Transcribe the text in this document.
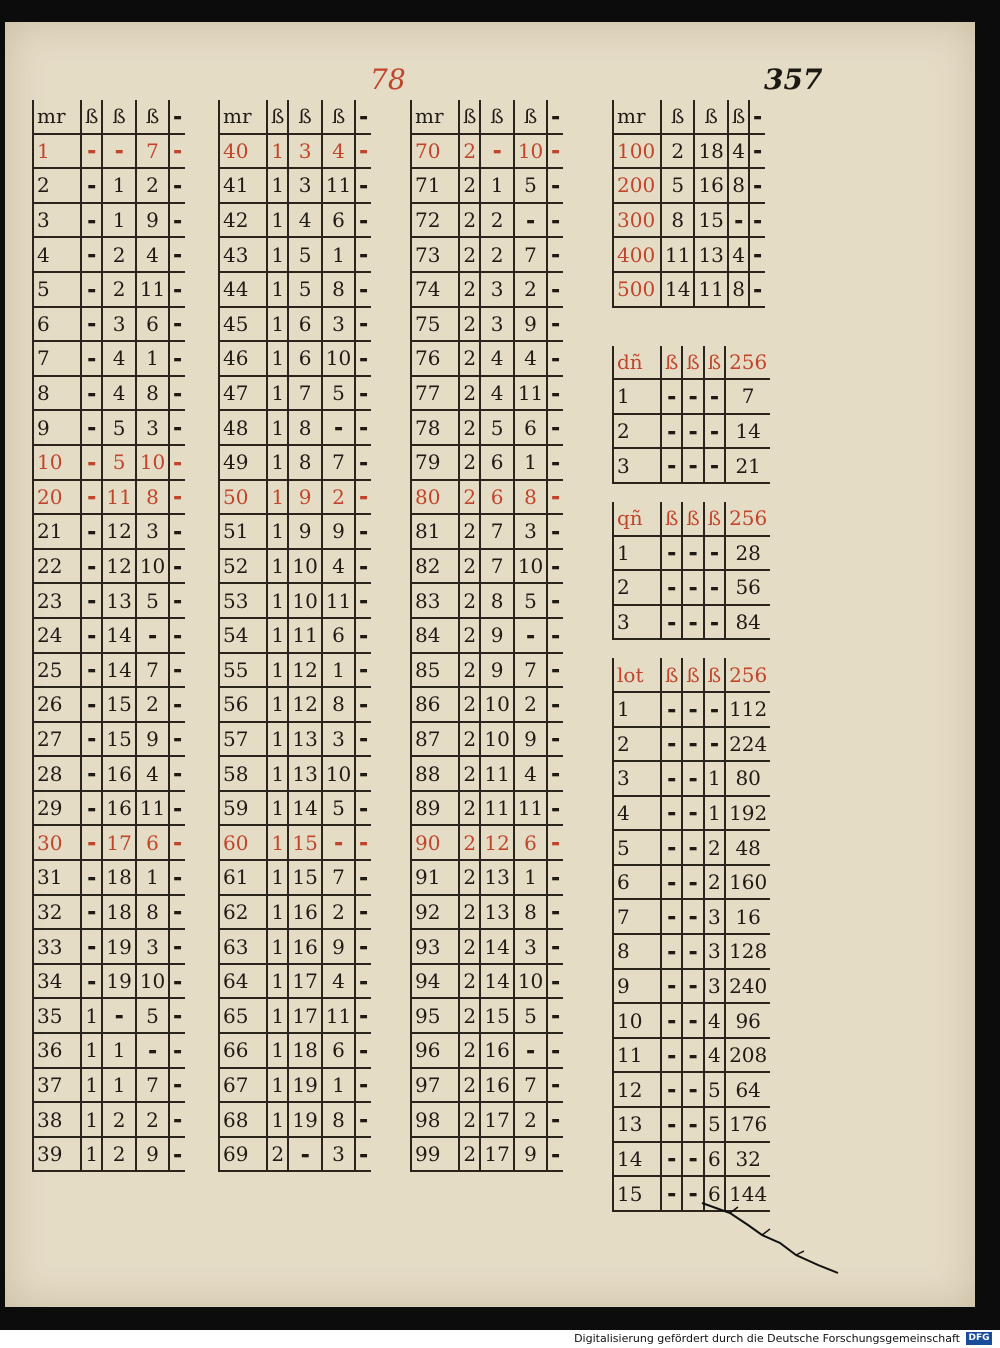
78	357
mr	ß	ß	ß	▬
1	▬	▬	7	▬
2	▬	1	2	▬
3	▬	1	9	▬
4	▬	2	4	▬
5	▬	2	11	▬
6	▬	3	6	▬
7	▬	4	1	▬
8	▬	4	8	▬
9	▬	5	3	▬
10	▬	5	10	▬
20	▬	11	8	▬
21	▬	12	3	▬
22	▬	12	10	▬
23	▬	13	5	▬
24	▬	14	▬	▬
25	▬	14	7	▬
26	▬	15	2	▬
27	▬	15	9	▬
28	▬	16	4	▬
29	▬	16	11	▬
30	▬	17	6	▬
31	▬	18	1	▬
32	▬	18	8	▬
33	▬	19	3	▬
34	▬	19	10	▬
35	1	▬	5	▬
36	1	1	▬	▬
37	1	1	7	▬
38	1	2	2	▬
39	1	2	9	▬
mr	ß	ß	ß	▬
40	1	3	4	▬
41	1	3	11	▬
42	1	4	6	▬
43	1	5	1	▬
44	1	5	8	▬
45	1	6	3	▬
46	1	6	10	▬
47	1	7	5	▬
48	1	8	▬	▬
49	1	8	7	▬
50	1	9	2	▬
51	1	9	9	▬
52	1	10	4	▬
53	1	10	11	▬
54	1	11	6	▬
55	1	12	1	▬
56	1	12	8	▬
57	1	13	3	▬
58	1	13	10	▬
59	1	14	5	▬
60	1	15	▬	▬
61	1	15	7	▬
62	1	16	2	▬
63	1	16	9	▬
64	1	17	4	▬
65	1	17	11	▬
66	1	18	6	▬
67	1	19	1	▬
68	1	19	8	▬
69	2	▬	3	▬
mr	ß	ß	ß	▬
70	2	▬	10	▬
71	2	1	5	▬
72	2	2	▬	▬
73	2	2	7	▬
74	2	3	2	▬
75	2	3	9	▬
76	2	4	4	▬
77	2	4	11	▬
78	2	5	6	▬
79	2	6	1	▬
80	2	6	8	▬
81	2	7	3	▬
82	2	7	10	▬
83	2	8	5	▬
84	2	9	▬	▬
85	2	9	7	▬
86	2	10	2	▬
87	2	10	9	▬
88	2	11	4	▬
89	2	11	11	▬
90	2	12	6	▬
91	2	13	1	▬
92	2	13	8	▬
93	2	14	3	▬
94	2	14	10	▬
95	2	15	5	▬
96	2	16	▬	▬
97	2	16	7	▬
98	2	17	2	▬
99	2	17	9	▬
mr	ß	ß	ß	▬
100	2	18	4	▬
200	5	16	8	▬
300	8	15	▬	▬
400	11	13	4	▬
500	14	11	8	▬
dñ	ß	ß	ß	256
1	▬	▬	▬	7
2	▬	▬	▬	14
3	▬	▬	▬	21
qñ	ß	ß	ß	256
1	▬	▬	▬	28
2	▬	▬	▬	56
3	▬	▬	▬	84
lot	ß	ß	ß	256
1	▬	▬	▬	112
2	▬	▬	▬	224
3	▬	▬	1	80
4	▬	▬	1	192
5	▬	▬	2	48
6	▬	▬	2	160
7	▬	▬	3	16
8	▬	▬	3	128
9	▬	▬	3	240
10	▬	▬	4	96
11	▬	▬	4	208
12	▬	▬	5	64
13	▬	▬	5	176
14	▬	▬	6	32
15	▬	▬	6	144
Digitalisierung gefördert durch die Deutsche Forschungsgemeinschaft DFG
